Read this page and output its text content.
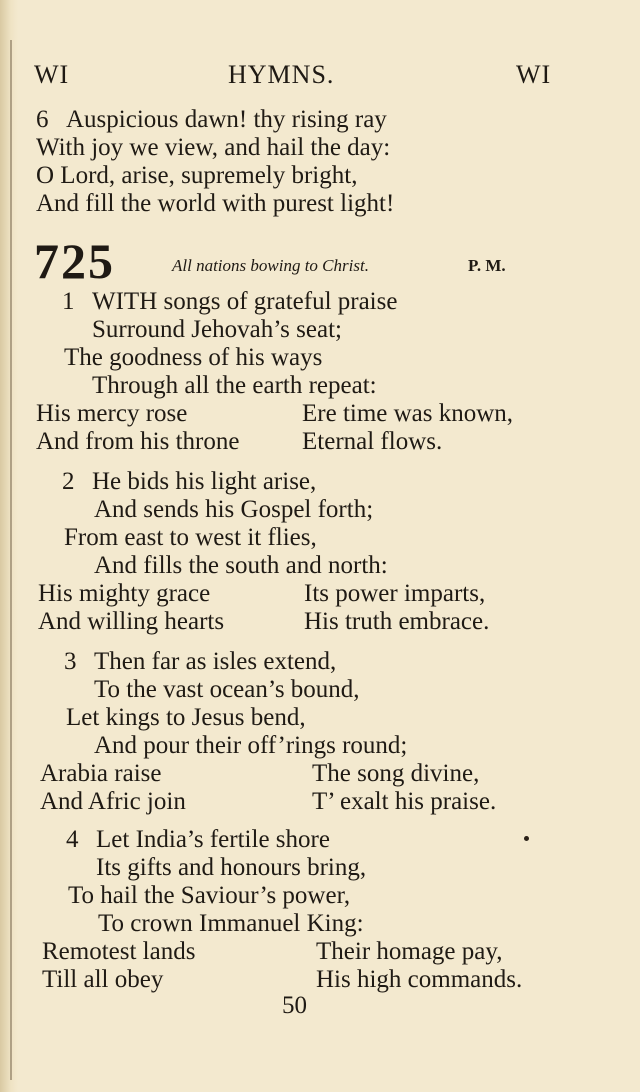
WI	HYMNS.	WI
6 Auspicious dawn! thy rising ray
With joy we view, and hail the day:
O Lord, arise, supremely bright,
And fill the world with purest light!
725	All nations bowing to Christ.	P. M.
1 WITH songs of grateful praise
Surround Jehovah’s seat;
The goodness of his ways
Through all the earth repeat:
His mercy rose	Ere time was known,
And from his throne	Eternal flows.
2 He bids his light arise,
And sends his Gospel forth;
From east to west it flies,
And fills the south and north:
His mighty grace	Its power imparts,
And willing hearts	His truth embrace.
3 Then far as isles extend,
To the vast ocean’s bound,
Let kings to Jesus bend,
And pour their off’rings round;
Arabia raise	The song divine,
And Afric join	T’ exalt his praise.
4 Let India’s fertile shore
Its gifts and honours bring,
To hail the Saviour’s power,
To crown Immanuel King:
Remotest lands	Their homage pay,
Till all obey	His high commands.
50
